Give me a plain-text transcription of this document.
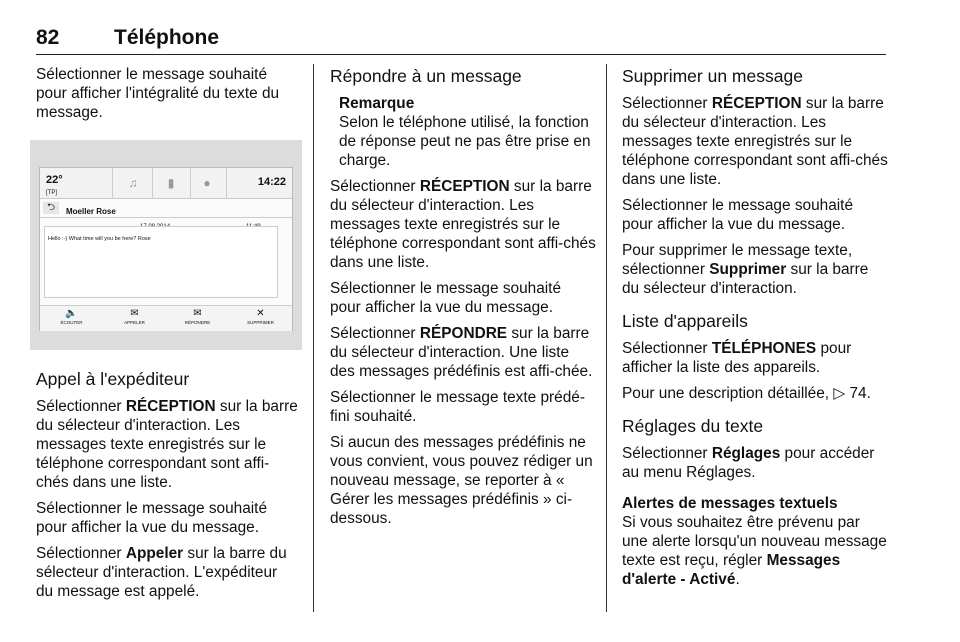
82	Téléphone

Sélectionner le message souhaité pour afficher l'intégralité du texte du message.

22°
[TP]
♫	▮	●	14:22
⮌	Moeller Rose
Hello :-) What time will you be here? Rose
🔈
ÉCOUTER
✉
APPELER
✉
RÉPONDRE
✕
SUPPRIMER
Appel à l'expéditeur

Sélectionner RÉCEPTION sur la barre du sélecteur d'interaction. Les messages texte enregistrés sur le téléphone correspondant sont affi-chés dans une liste.

Sélectionner le message souhaité pour afficher la vue du message.

Sélectionner Appeler sur la barre du sélecteur d'interaction. L'expéditeur du message est appelé.

Répondre à un message
Remarque

Selon le téléphone utilisé, la fonction de réponse peut ne pas être prise en charge.

Sélectionner RÉCEPTION sur la barre du sélecteur d'interaction. Les messages texte enregistrés sur le téléphone correspondant sont affi-chés dans une liste.

Sélectionner le message souhaité pour afficher la vue du message.

Sélectionner RÉPONDRE sur la barre du sélecteur d'interaction. Une liste des messages prédéfinis est affi-chée.

Sélectionner le message texte prédé-fini souhaité.

Si aucun des messages prédéfinis ne vous convient, vous pouvez rédiger un nouveau message, se reporter à « Gérer les messages prédéfinis » ci-dessous.

Supprimer un message

Sélectionner RÉCEPTION sur la barre du sélecteur d'interaction. Les messages texte enregistrés sur le téléphone correspondant sont affi-chés dans une liste.

Sélectionner le message souhaité pour afficher la vue du message.

Pour supprimer le message texte, sélectionner Supprimer sur la barre du sélecteur d'interaction.

Liste d'appareils

Sélectionner TÉLÉPHONES pour afficher la liste des appareils.

Pour une description détaillée, ▷ 74.

Réglages du texte

Sélectionner Réglages pour accéder au menu Réglages.

Alertes de messages textuels

Si vous souhaitez être prévenu par une alerte lorsqu'un nouveau message texte est reçu, régler Messages d'alerte - Activé.
